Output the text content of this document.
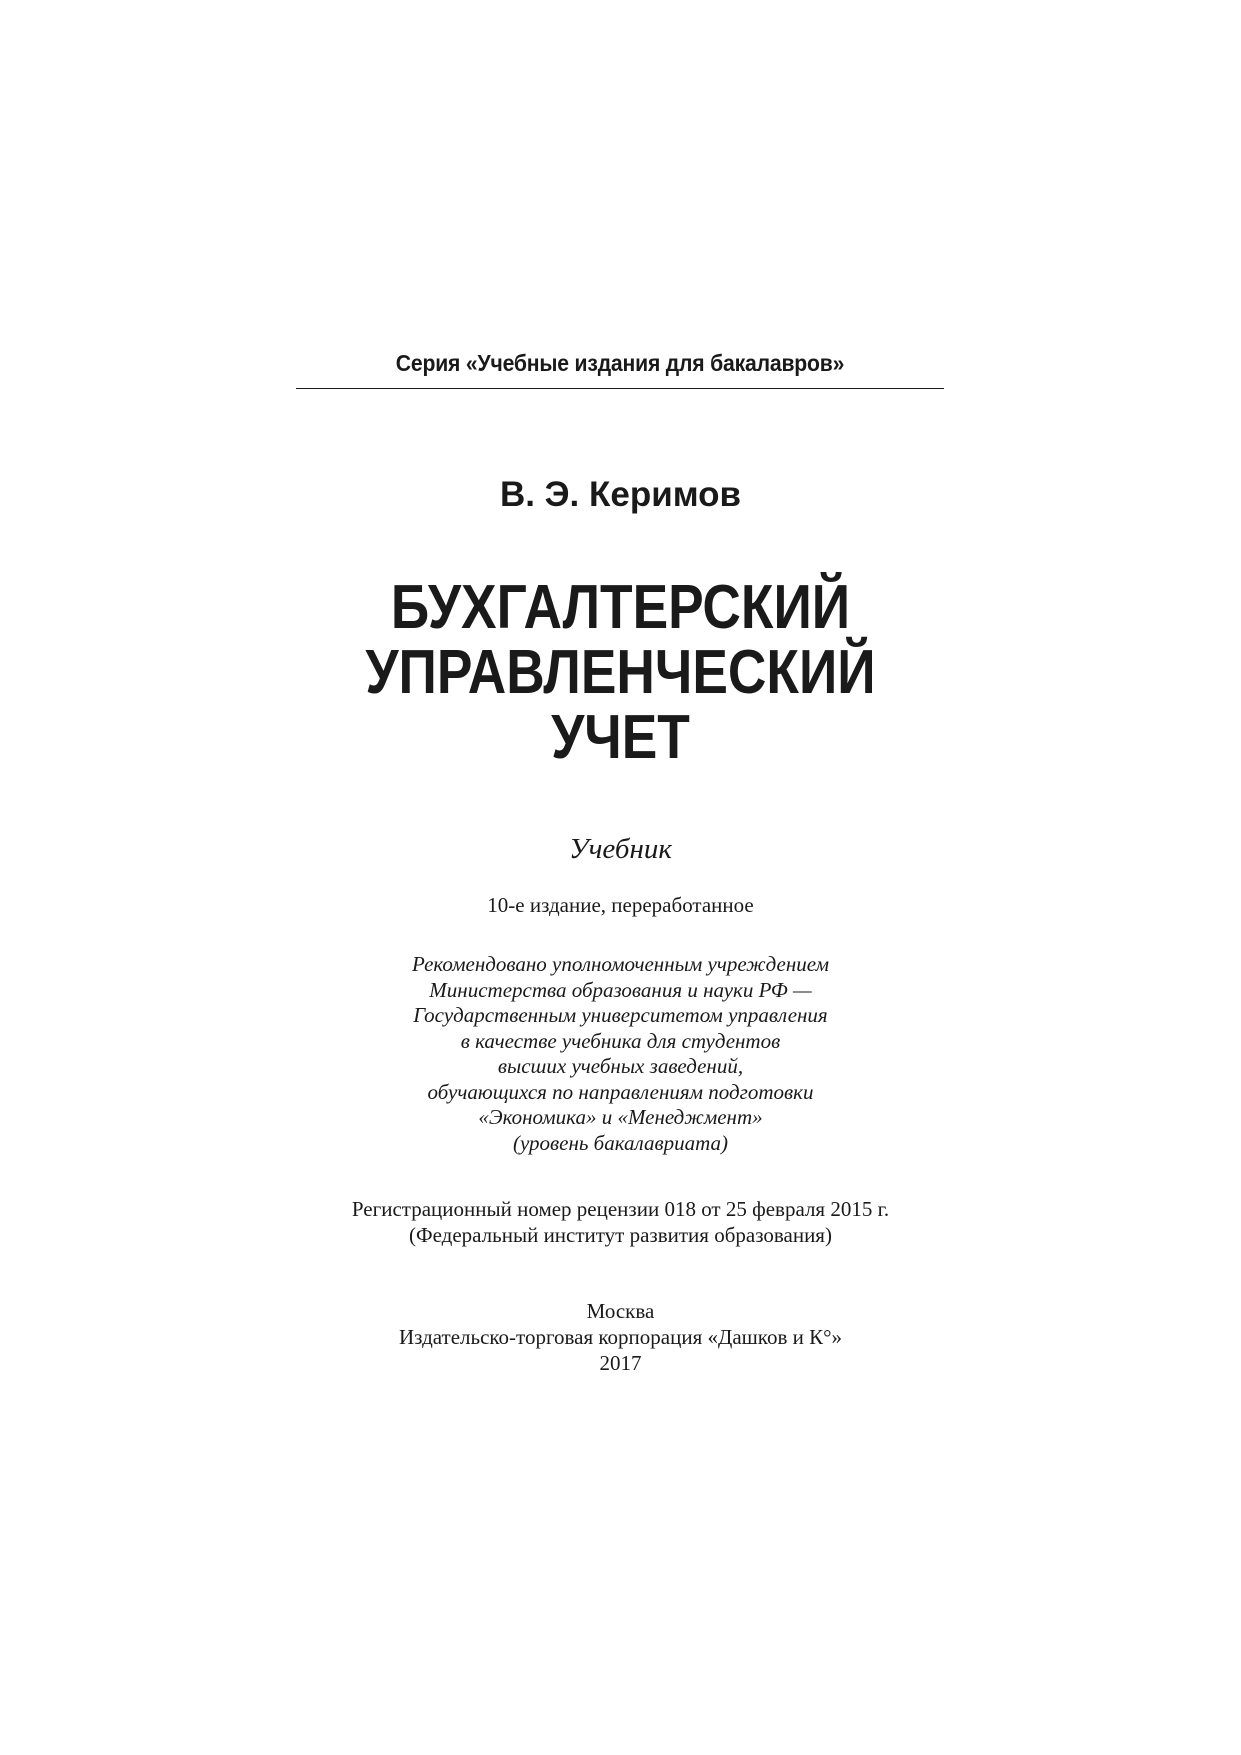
Серия «Учебные издания для бакалавров»
В. Э. Керимов
БУХГАЛТЕРСКИЙ
УПРАВЛЕНЧЕСКИЙ
УЧЕТ
Учебник
10-е издание, переработанное
Рекомендовано уполномоченным учреждением
Министерства образования и науки РФ —
Государственным университетом управления
в качестве учебника для студентов
высших учебных заведений,
обучающихся по направлениям подготовки
«Экономика» и «Менеджмент»
(уровень бакалавриата)
Регистрационный номер рецензии 018 от 25 февраля 2015 г.
(Федеральный институт развития образования)
Москва
Издательско-торговая корпорация «Дашков и К°»
2017
